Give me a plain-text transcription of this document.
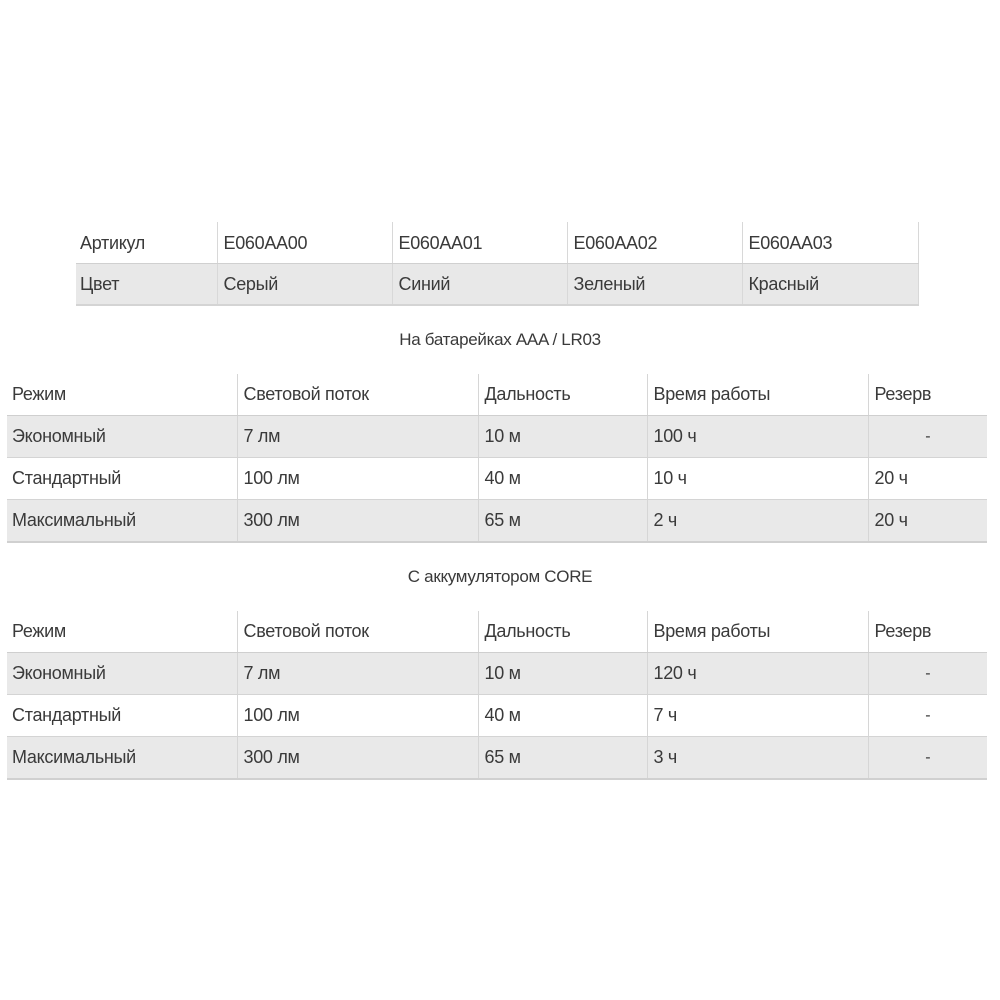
Артикул	E060AA00	E060AA01	E060AA02	E060AA03
Цвет	Серый	Синий	Зеленый	Красный
На батарейках AAA / LR03
Режим	Световой поток	Дальность	Время работы	Резерв
Экономный	7 лм	10 м	100 ч	-
Стандартный	100 лм	40 м	10 ч	20 ч
Максимальный	300 лм	65 м	2 ч	20 ч
С аккумулятором CORE
Режим	Световой поток	Дальность	Время работы	Резерв
Экономный	7 лм	10 м	120 ч	-
Стандартный	100 лм	40 м	7 ч	-
Максимальный	300 лм	65 м	3 ч	-
